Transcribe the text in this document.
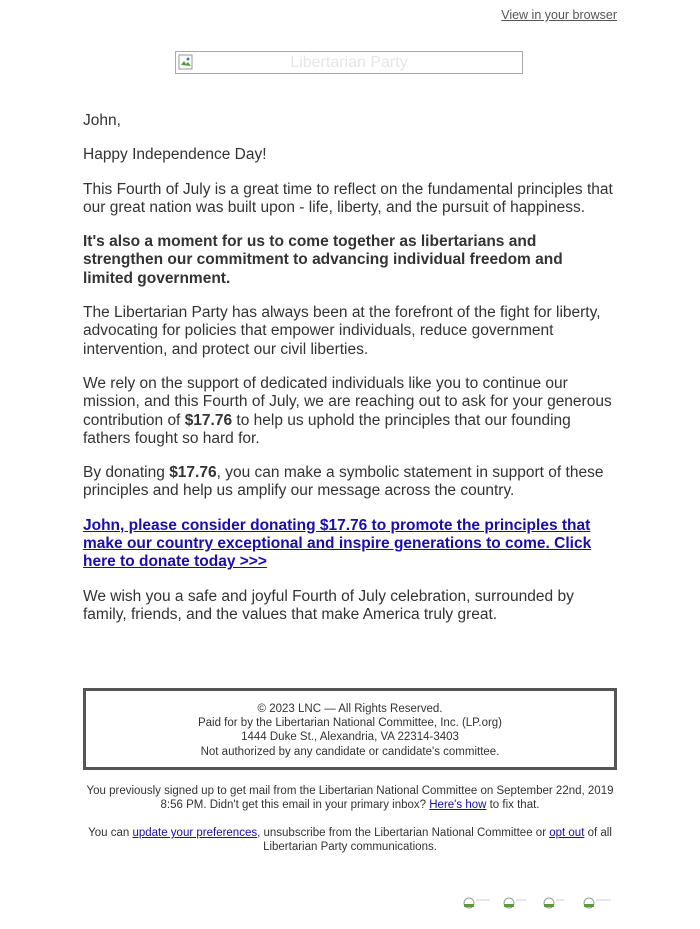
View in your browser
Libertarian Party

John,

Happy Independence Day!

This Fourth of July is a great time to reflect on the fundamental principles that our great nation was built upon - life, liberty, and the pursuit of happiness.

It's also a moment for us to come together as libertarians and strengthen our commitment to advancing individual freedom and limited government.

The Libertarian Party has always been at the forefront of the fight for liberty, advocating for policies that empower individuals, reduce government intervention, and protect our civil liberties.

We rely on the support of dedicated individuals like you to continue our mission, and this Fourth of July, we are reaching out to ask for your generous contribution of $17.76 to help us uphold the principles that our founding fathers fought so hard for.

By donating $17.76, you can make a symbolic statement in support of these principles and help us amplify our message across the country.

John, please consider donating $17.76 to promote the principles that make our country exceptional and inspire generations to come. Click here to donate today >>>

We wish you a safe and joyful Fourth of July celebration, surrounded by family, friends, and the values that make America truly great.

© 2023 LNC — All Rights Reserved.
Paid for by the Libertarian National Committee, Inc. (LP.org)
1444 Duke St., Alexandria, VA 22314-3403
Not authorized by any candidate or candidate's committee.
You previously signed up to get mail from the Libertarian National Committee on September 22nd, 2019 8:56 PM. Didn't get this email in your primary inbox? Here's how to fix that.
You can update your preferences, unsubscribe from the Libertarian National Committee or opt out of all Libertarian Party communications.
